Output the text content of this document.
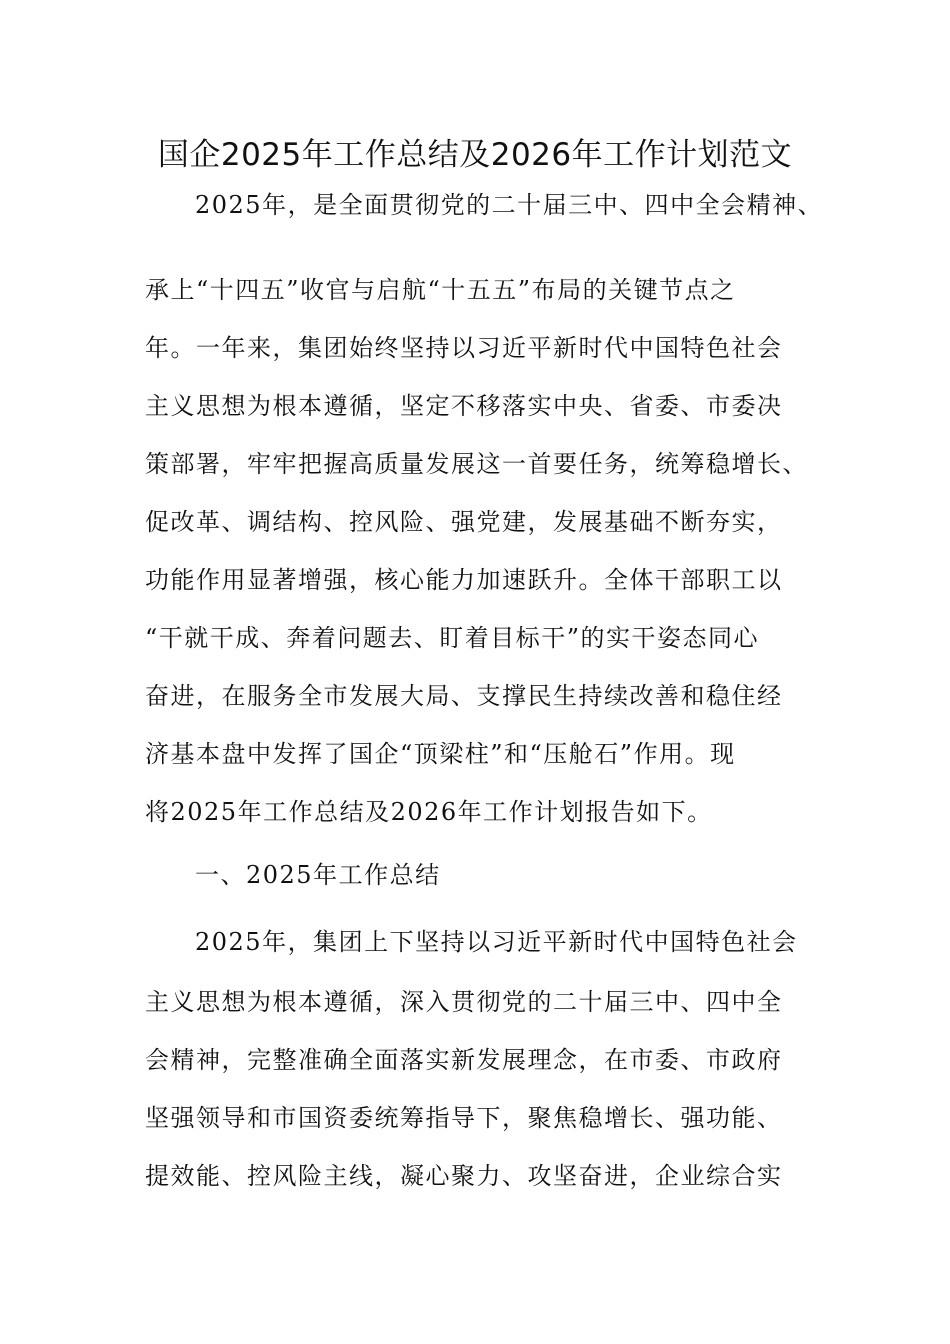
国企2025年工作总结及2026年工作计划范文
2025年，是全面贯彻党的二十届三中、四中全会精神、
承上“十四五”收官与启航“十五五”布局的关键节点之
年。一年来，集团始终坚持以习近平新时代中国特色社会
主义思想为根本遵循，坚定不移落实中央、省委、市委决
策部署，牢牢把握高质量发展这一首要任务，统筹稳增长、
促改革、调结构、控风险、强党建，发展基础不断夯实，
功能作用显著增强，核心能力加速跃升。全体干部职工以
“干就干成、奔着问题去、盯着目标干”的实干姿态同心
奋进，在服务全市发展大局、支撑民生持续改善和稳住经
济基本盘中发挥了国企“顶梁柱”和“压舱石”作用。现
将2025年工作总结及2026年工作计划报告如下。
一、2025年工作总结
2025年，集团上下坚持以习近平新时代中国特色社会
主义思想为根本遵循，深入贯彻党的二十届三中、四中全
会精神，完整准确全面落实新发展理念，在市委、市政府
坚强领导和市国资委统筹指导下，聚焦稳增长、强功能、
提效能、控风险主线，凝心聚力、攻坚奋进，企业综合实
